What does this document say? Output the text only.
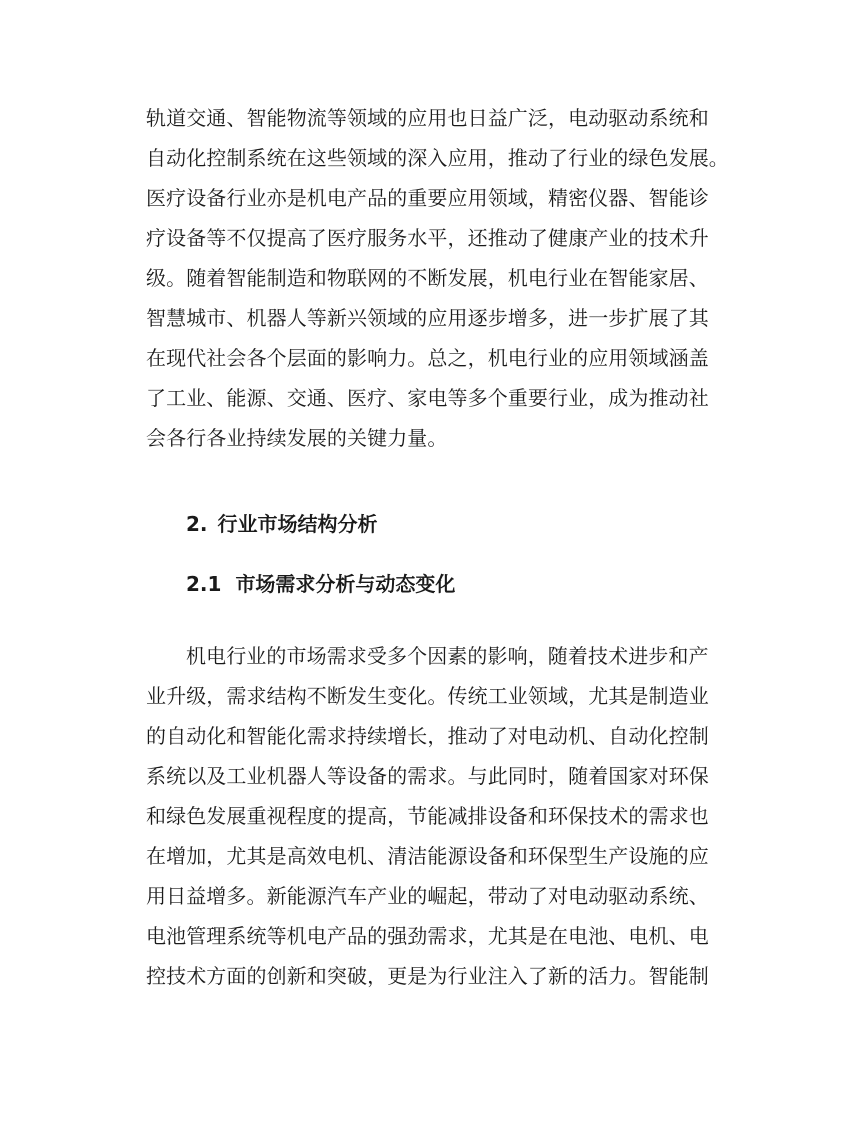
轨道交通、智能物流等领域的应用也日益广泛，电动驱动系统和
自动化控制系统在这些领域的深入应用，推动了行业的绿色发展。
医疗设备行业亦是机电产品的重要应用领域，精密仪器、智能诊
疗设备等不仅提高了医疗服务水平，还推动了健康产业的技术升
级。随着智能制造和物联网的不断发展，机电行业在智能家居、
智慧城市、机器人等新兴领域的应用逐步增多，进一步扩展了其
在现代社会各个层面的影响力。总之，机电行业的应用领域涵盖
了工业、能源、交通、医疗、家电等多个重要行业，成为推动社
会各行各业持续发展的关键力量。
2. 行业市场结构分析
2.1 市场需求分析与动态变化
机电行业的市场需求受多个因素的影响，随着技术进步和产
业升级，需求结构不断发生变化。传统工业领域，尤其是制造业
的自动化和智能化需求持续增长，推动了对电动机、自动化控制
系统以及工业机器人等设备的需求。与此同时，随着国家对环保
和绿色发展重视程度的提高，节能减排设备和环保技术的需求也
在增加，尤其是高效电机、清洁能源设备和环保型生产设施的应
用日益增多。新能源汽车产业的崛起，带动了对电动驱动系统、
电池管理系统等机电产品的强劲需求，尤其是在电池、电机、电
控技术方面的创新和突破，更是为行业注入了新的活力。智能制
